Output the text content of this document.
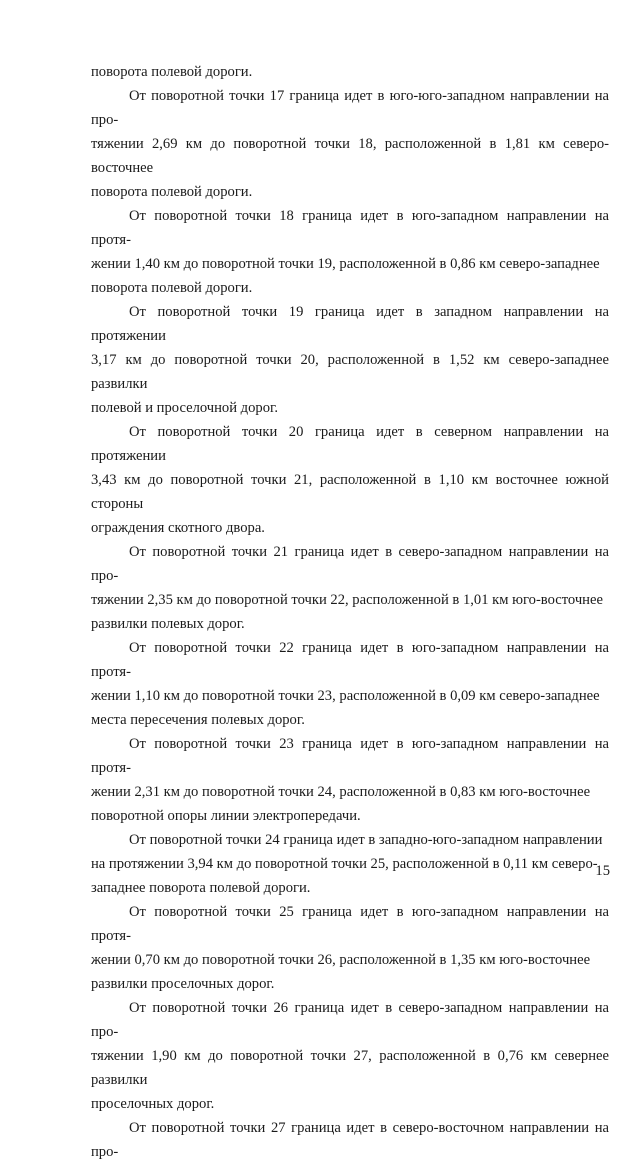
поворота полевой дороги.

От поворотной точки 17 граница идет в юго-юго-западном направлении на про-
тяжении 2,69 км до поворотной точки 18, расположенной в 1,81 км северо-восточнее
поворота полевой дороги.

От поворотной точки 18 граница идет в юго-западном направлении на протя-
жении 1,40 км до поворотной точки 19, расположенной в 0,86 км северо-западнее
поворота полевой дороги.

От поворотной точки 19 граница идет в западном направлении на протяжении
3,17 км до поворотной точки 20, расположенной в 1,52 км северо-западнее развилки
полевой и проселочной дорог.

От поворотной точки 20 граница идет в северном направлении на протяжении
3,43 км до поворотной точки 21, расположенной в 1,10 км восточнее южной стороны
ограждения скотного двора.

От поворотной точки 21 граница идет в северо-западном направлении на про-
тяжении 2,35 км до поворотной точки 22, расположенной в 1,01 км юго-восточнее
развилки полевых дорог.

От поворотной точки 22 граница идет в юго-западном направлении на протя-
жении 1,10 км до поворотной точки 23, расположенной в 0,09 км северо-западнее
места пересечения полевых дорог.

От поворотной точки 23 граница идет в юго-западном направлении на протя-
жении 2,31 км до поворотной точки 24, расположенной в 0,83 км юго-восточнее
поворотной опоры линии электропередачи.

От поворотной точки 24 граница идет в западно-юго-западном направлении
на протяжении 3,94 км до поворотной точки 25, расположенной в 0,11 км северо-
западнее поворота полевой дороги.

От поворотной точки 25 граница идет в юго-западном направлении на протя-
жении 0,70 км до поворотной точки 26, расположенной в 1,35 км юго-восточнее
развилки проселочных дорог.

От поворотной точки 26 граница идет в северо-западном направлении на про-
тяжении 1,90 км до поворотной точки 27, расположенной в 0,76 км севернее развилки
проселочных дорог.

От поворотной точки 27 граница идет в северо-восточном направлении на про-

15
